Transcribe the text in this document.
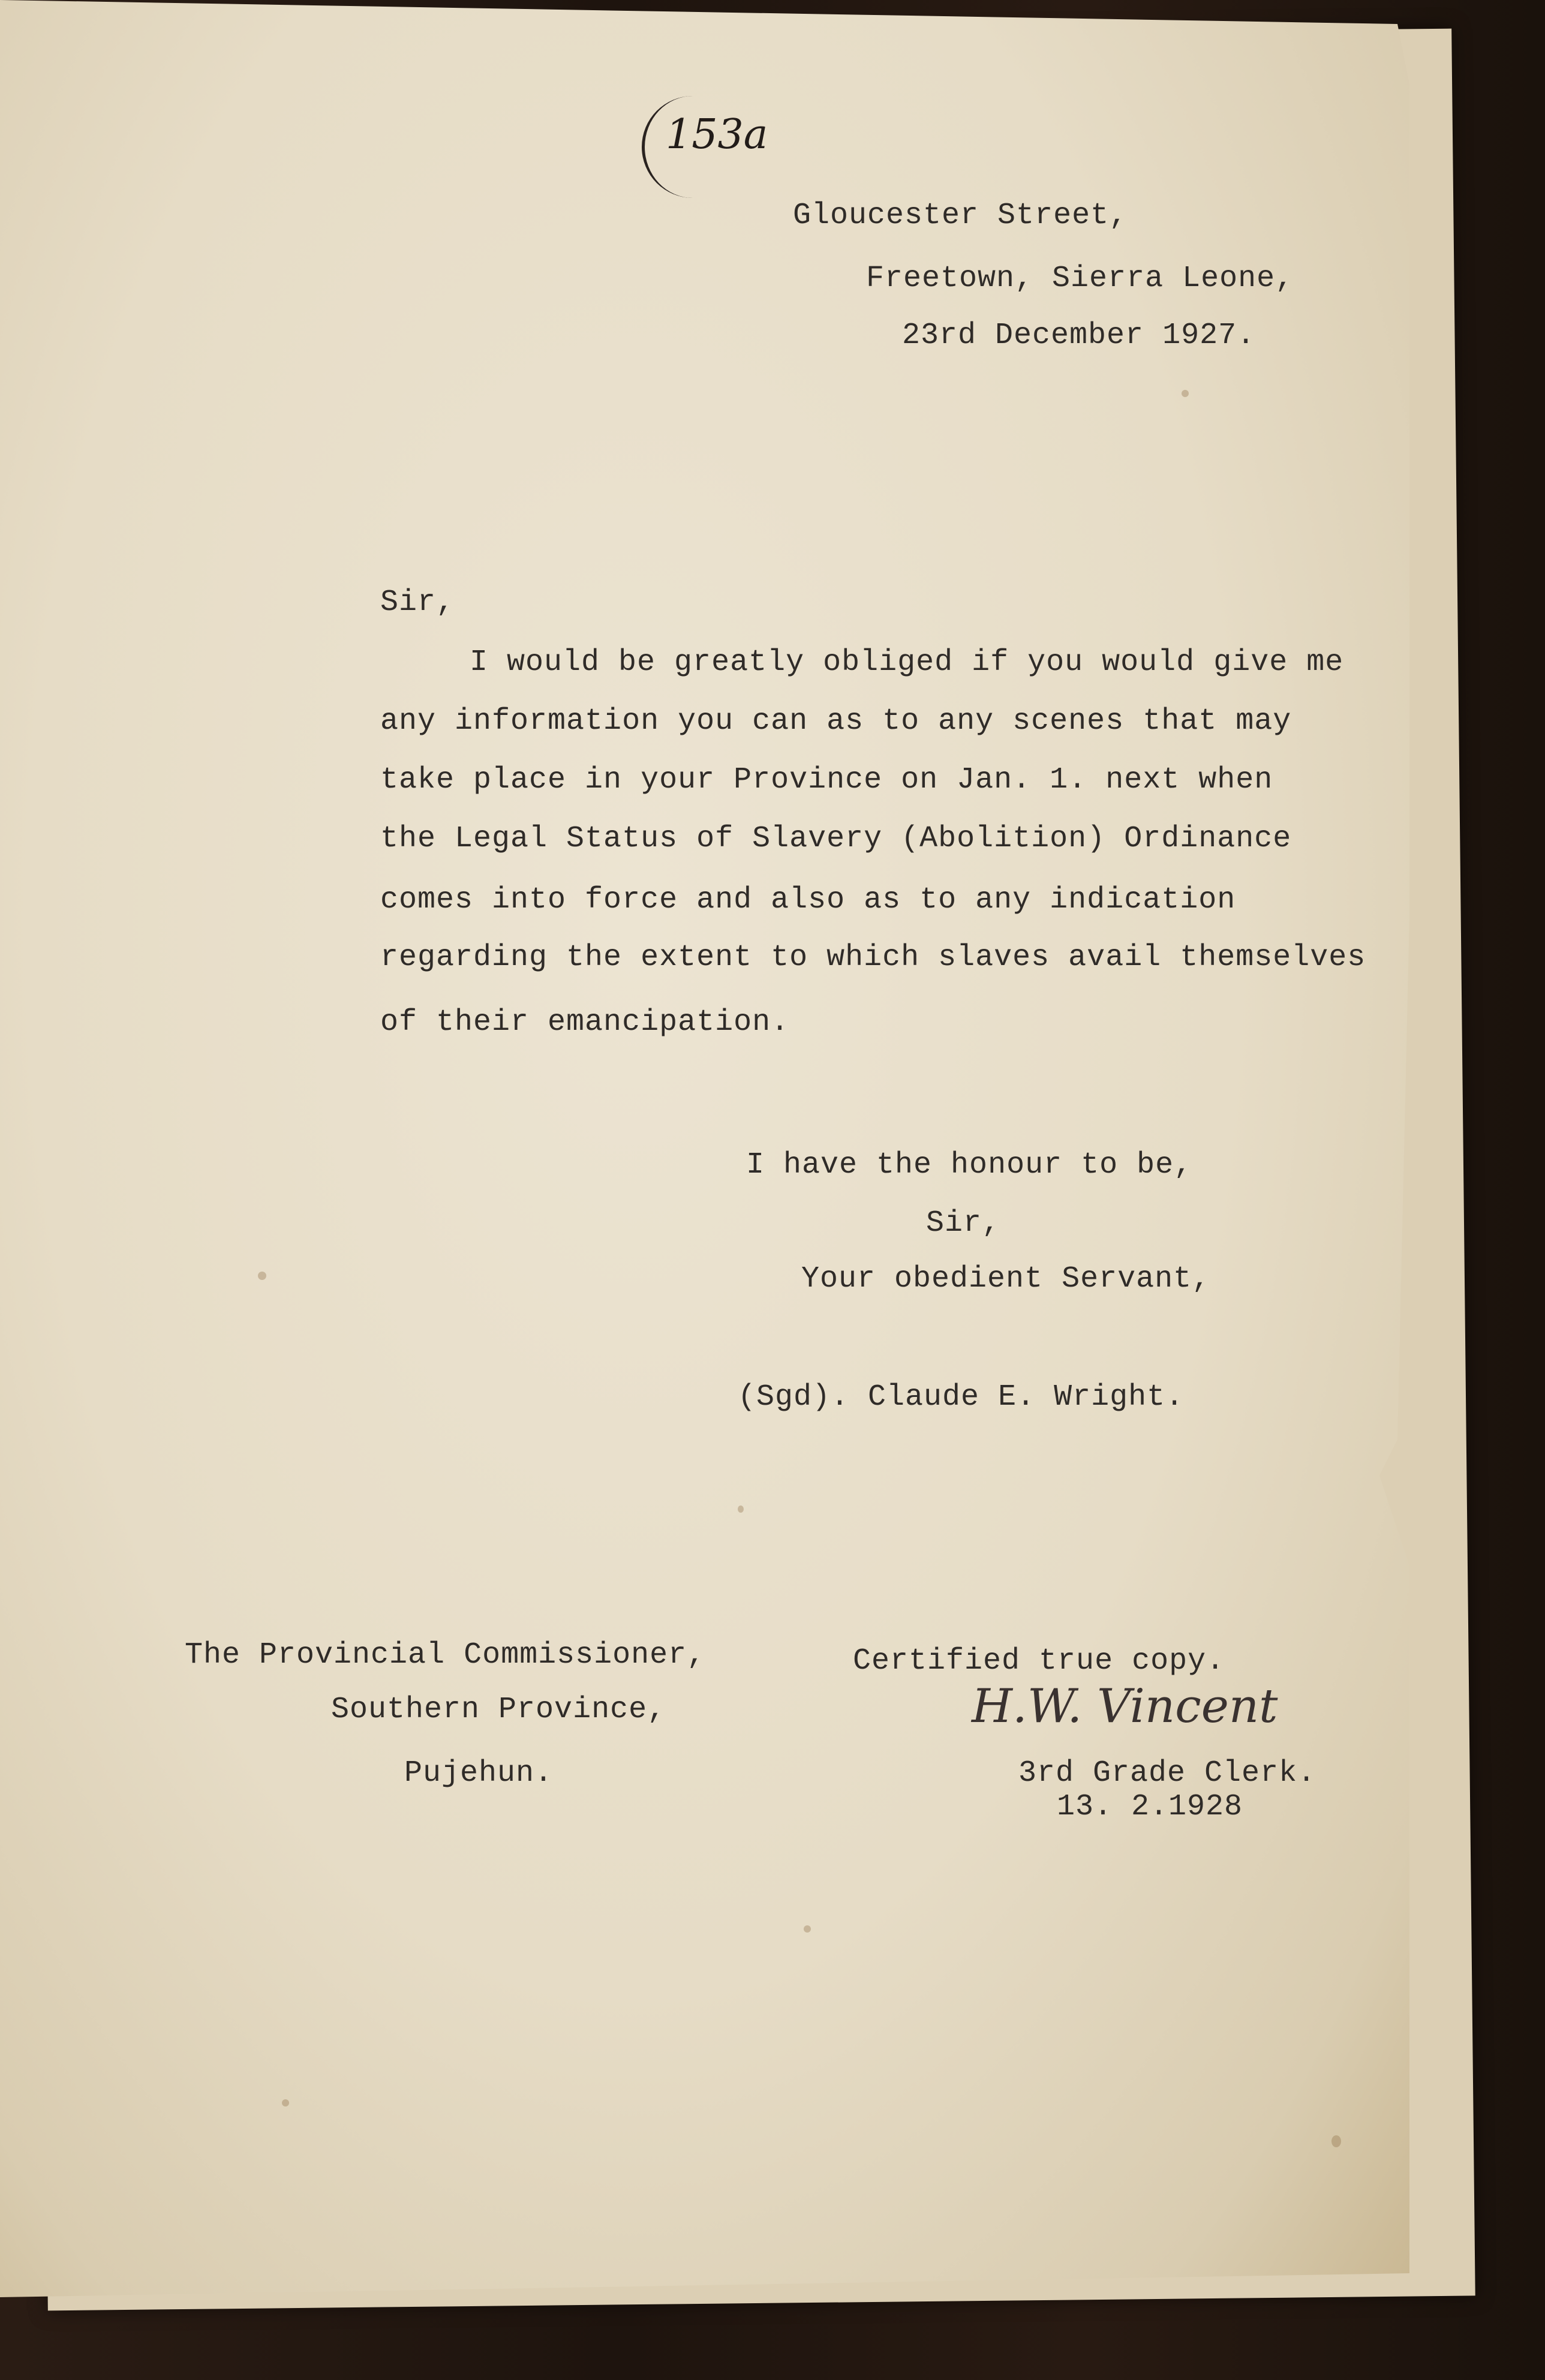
153a
Gloucester Street,
Freetown, Sierra Leone,
23rd December 1927.
Sir,
I would be greatly obliged if you would give me
any information you can as to any scenes that may
take place in your Province on Jan. 1. next when
the Legal Status of Slavery (Abolition) Ordinance
comes into force and also as to any indication
regarding the extent to which slaves avail themselves
of their emancipation.
I have the honour to be,
Sir,
Your obedient Servant,
(Sgd). Claude E. Wright.
The Provincial Commissioner,
Southern Province,
Pujehun.
Certified true copy.
H.W. Vincent
3rd Grade Clerk.
13. 2.1928
